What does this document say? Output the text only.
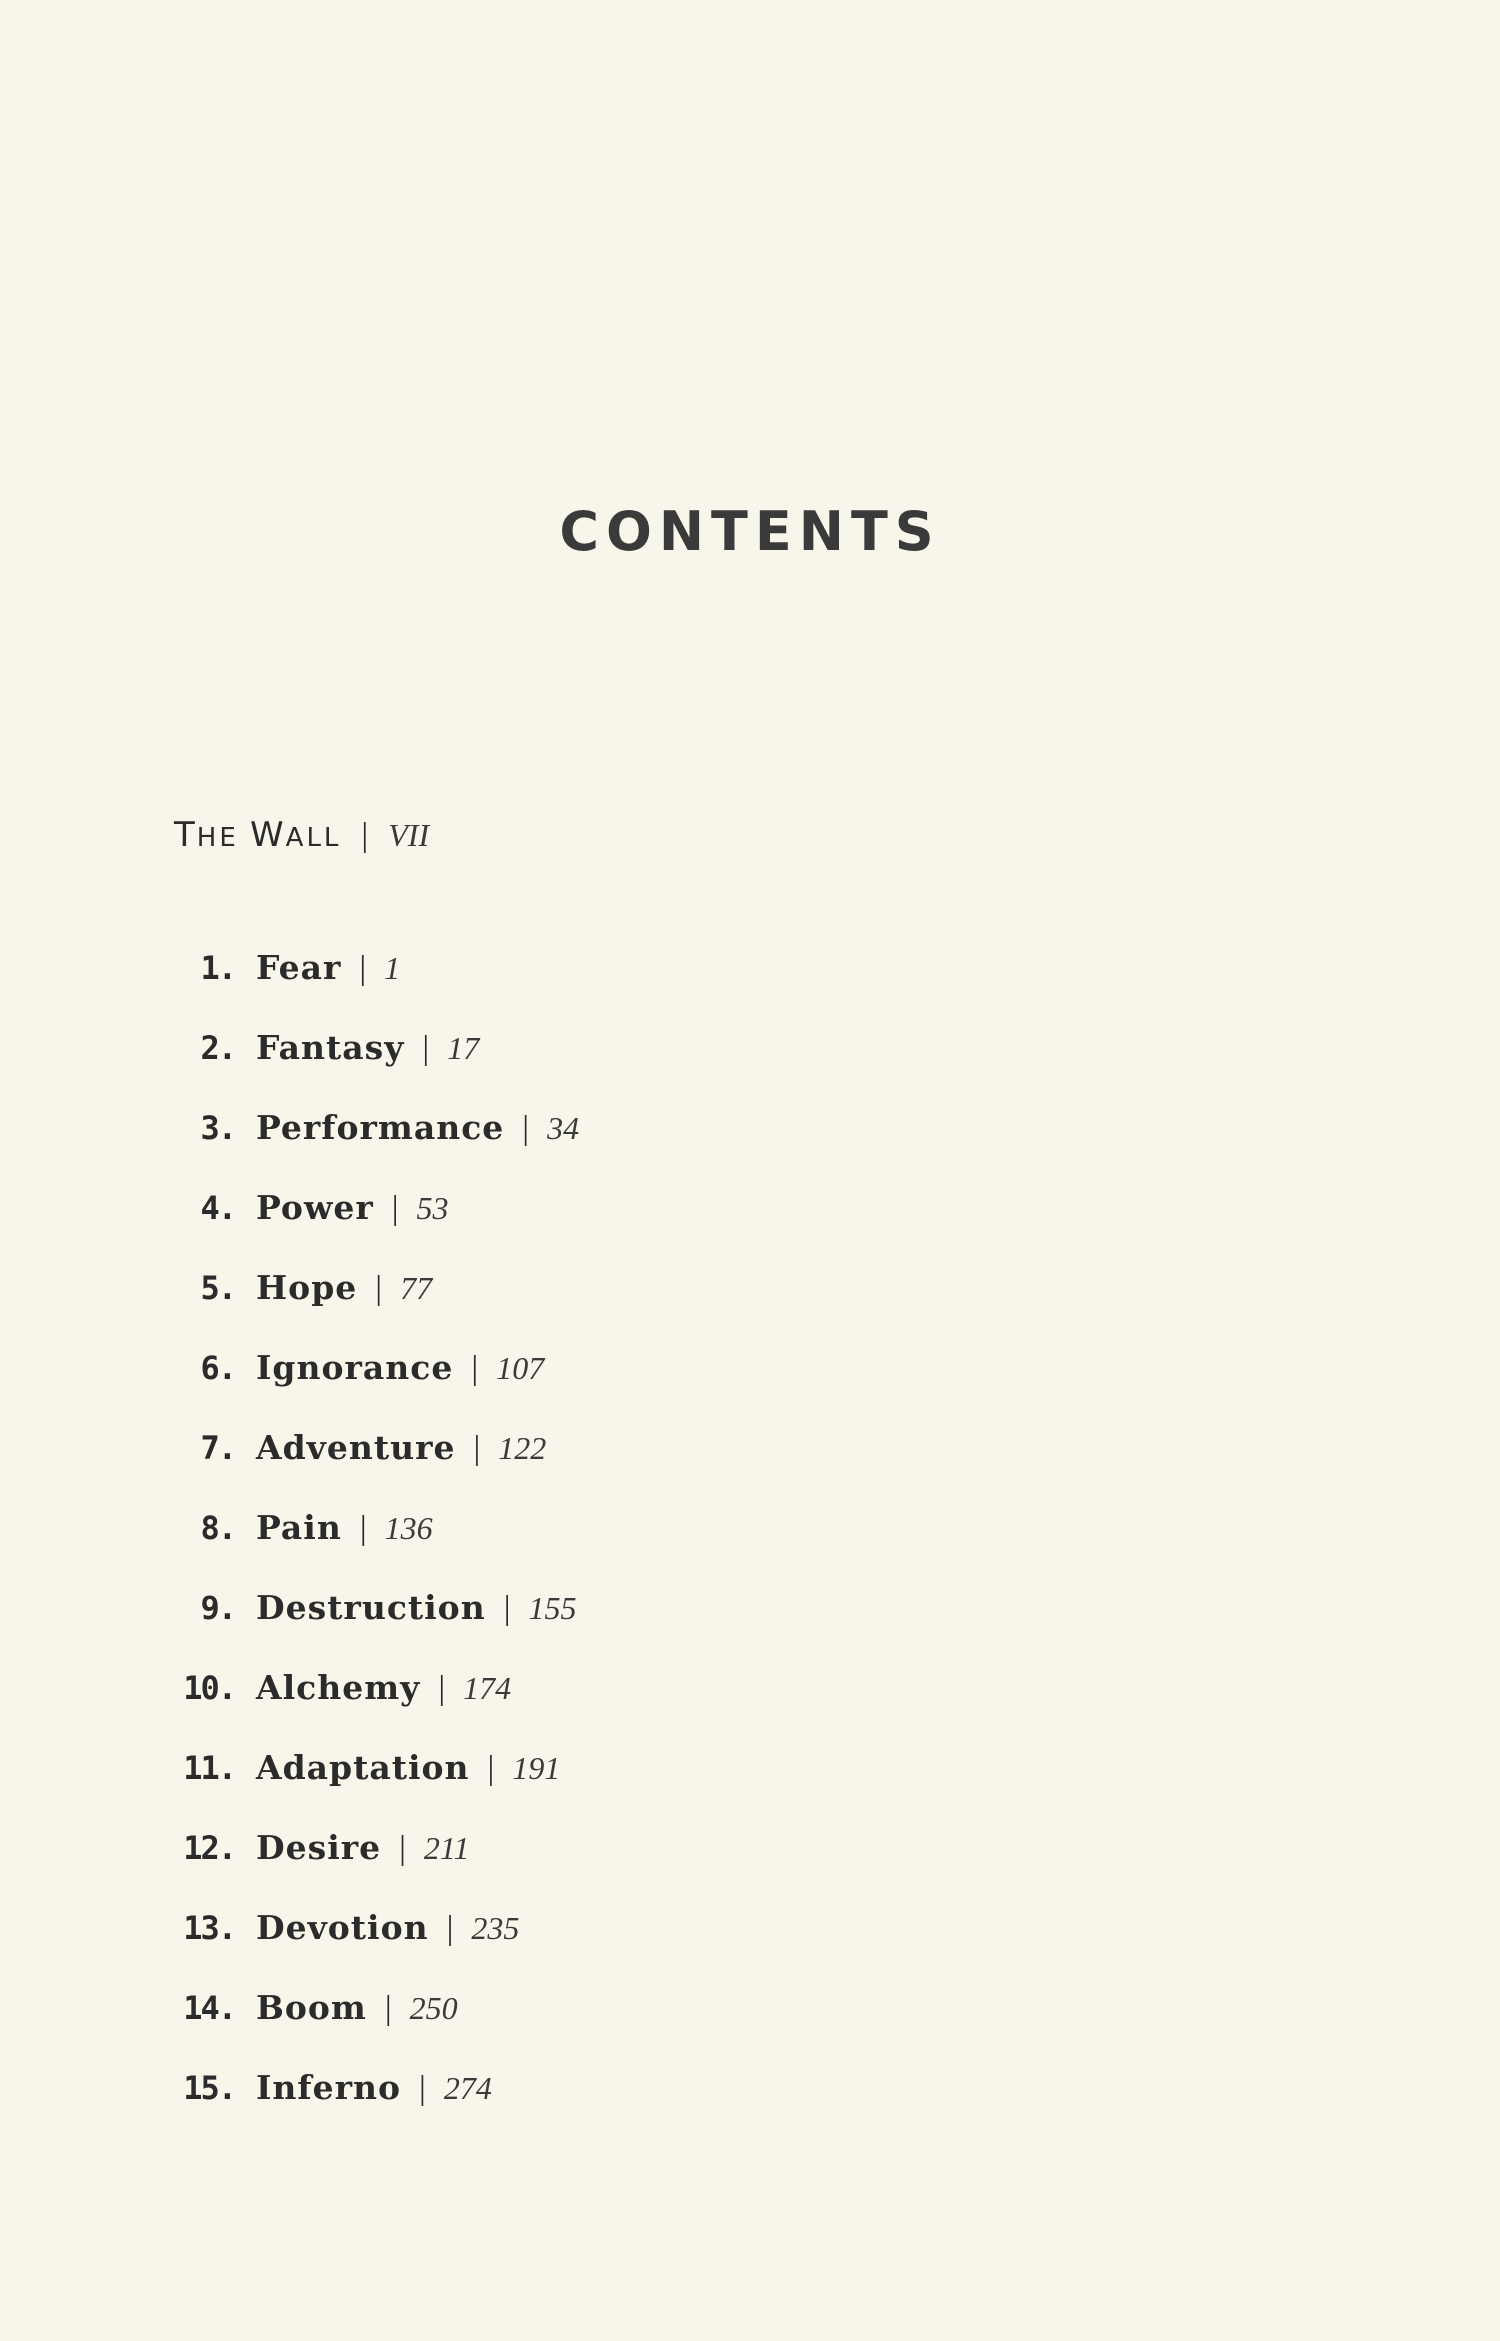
CONTENTS
THE WALL | VII
1. Fear | 1
2. Fantasy | 17
3. Performance | 34
4. Power | 53
5. Hope | 77
6. Ignorance | 107
7. Adventure | 122
8. Pain | 136
9. Destruction | 155
10. Alchemy | 174
11. Adaptation | 191
12. Desire | 211
13. Devotion | 235
14. Boom | 250
15. Inferno | 274
